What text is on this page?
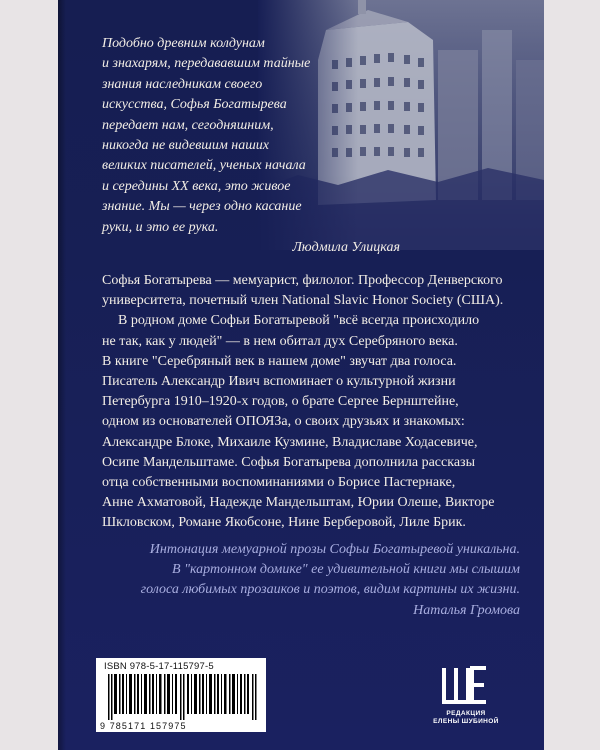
Подобно древним колдунам
и знахарям, передававшим тайные
знания наследникам своего
искусства, Софья Богатырева
передает нам, сегодняшним,
никогда не видевшим наших
великих писателей, ученых начала
и середины XX века, это живое
знание. Мы — через одно касание
руки, и это ее рука.
Людмила Улицкая
Софья Богатырева — мемуарист, филолог. Профессор Денверского
университета, почетный член National Slavic Honor Society (США).
В родном доме Софьи Богатыревой "всё всегда происходило
не так, как у людей" — в нем обитал дух Серебряного века.
В книге "Серебряный век в нашем доме" звучат два голоса.
Писатель Александр Ивич вспоминает о культурной жизни
Петербурга 1910–1920-х годов, о брате Сергее Бернштейне,
одном из основателей ОПОЯЗа, о своих друзьях и знакомых:
Александре Блоке, Михаиле Кузмине, Владиславе Ходасевиче,
Осипе Мандельштаме. Софья Богатырева дополнила рассказы
отца собственными воспоминаниями о Борисе Пастернаке,
Анне Ахматовой, Надежде Мандельштам, Юрии Олеше, Викторе
Шкловском, Романе Якобсоне, Нине Берберовой, Лиле Брик.
Интонация мемуарной прозы Софьи Богатыревой уникальна.
В "картонном домике" ее удивительной книги мы слышим
голоса любимых прозаиков и поэтов, видим картины их жизни.
Наталья Громова
ISBN 978-5-17-115797-5
9 785171 157975
РЕДАКЦИЯ
ЕЛЕНЫ ШУБИНОЙ
